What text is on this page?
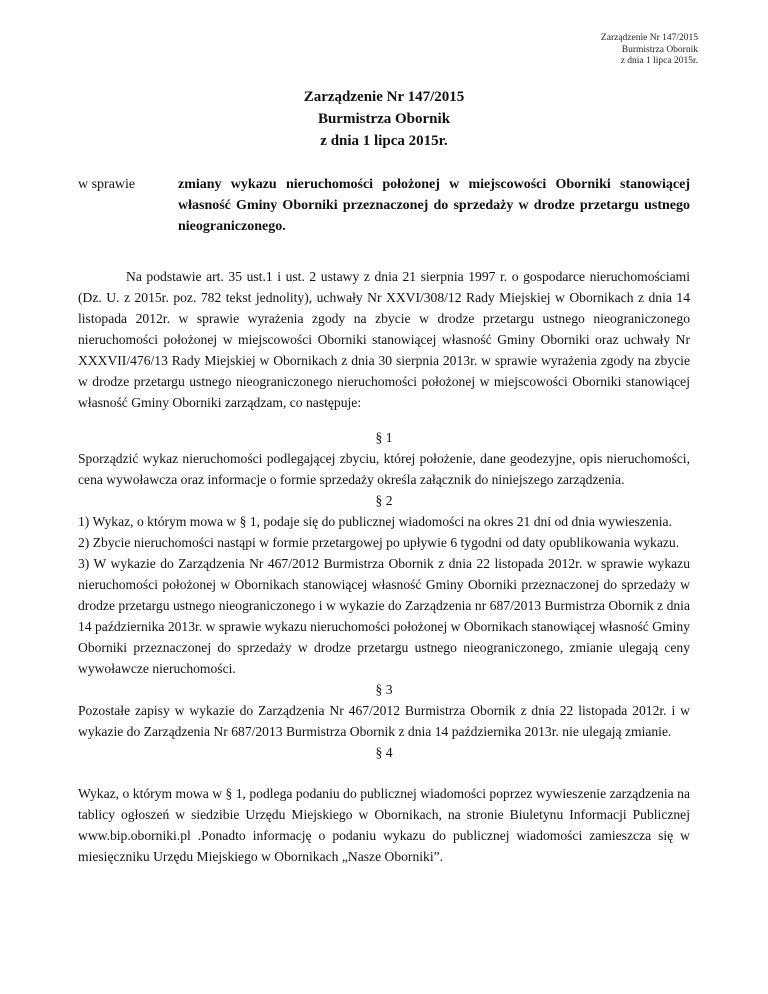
Zarządzenie Nr 147/2015
Burmistrza Obornik
z dnia 1 lipca 2015r.
Zarządzenie Nr 147/2015
Burmistrza Obornik
z dnia 1 lipca 2015r.
w sprawie	zmiany wykazu nieruchomości położonej w miejscowości Oborniki stanowiącej własność Gminy Oborniki przeznaczonej do sprzedaży w drodze przetargu ustnego nieograniczonego.

Na podstawie art. 35 ust.1 i ust. 2 ustawy z dnia 21 sierpnia 1997 r. o gospodarce nieruchomościami (Dz. U. z 2015r. poz. 782 tekst jednolity), uchwały Nr XXVI/308/12 Rady Miejskiej w Obornikach z dnia 14 listopada 2012r. w sprawie wyrażenia zgody na zbycie w drodze przetargu ustnego nieograniczonego nieruchomości położonej w miejscowości Oborniki stanowiącej własność Gminy Oborniki oraz uchwały Nr XXXVII/476/13 Rady Miejskiej w Obornikach z dnia 30 sierpnia 2013r. w sprawie wyrażenia zgody na zbycie w drodze przetargu ustnego nieograniczonego nieruchomości położonej w miejscowości Oborniki stanowiącej własność Gminy Oborniki zarządzam, co następuje:

§ 1

Sporządzić wykaz nieruchomości podlegającej zbyciu, której położenie, dane geodezyjne, opis nieruchomości, cena wywoławcza oraz informacje o formie sprzedaży określa załącznik do niniejszego zarządzenia.

§ 2

1) Wykaz, o którym mowa w § 1, podaje się do publicznej wiadomości na okres 21 dni od dnia wywieszenia.

2) Zbycie nieruchomości nastąpi w formie przetargowej po upływie 6 tygodni od daty opublikowania wykazu.

3) W wykazie do Zarządzenia Nr 467/2012 Burmistrza Obornik z dnia 22 listopada 2012r. w sprawie wykazu nieruchomości położonej w Obornikach stanowiącej własność Gminy Oborniki przeznaczonej do sprzedaży w drodze przetargu ustnego nieograniczonego i w wykazie do Zarządzenia nr 687/2013 Burmistrza Obornik z dnia 14 października 2013r. w sprawie wykazu nieruchomości położonej w Obornikach stanowiącej własność Gminy Oborniki przeznaczonej do sprzedaży w drodze przetargu ustnego nieograniczonego, zmianie ulegają ceny wywoławcze nieruchomości.

§ 3

Pozostałe zapisy w wykazie do Zarządzenia Nr 467/2012 Burmistrza Obornik z dnia 22 listopada 2012r. i w wykazie do Zarządzenia Nr 687/2013 Burmistrza Obornik z dnia 14 października 2013r. nie ulegają zmianie.

§ 4

Wykaz, o którym mowa w § 1, podlega podaniu do publicznej wiadomości poprzez wywieszenie zarządzenia na tablicy ogłoszeń w siedzibie Urzędu Miejskiego w Obornikach, na stronie Biuletynu Informacji Publicznej www.bip.oborniki.pl .Ponadto informację o podaniu wykazu do publicznej wiadomości zamieszcza się w miesięczniku Urzędu Miejskiego w Obornikach „Nasze Oborniki”.
